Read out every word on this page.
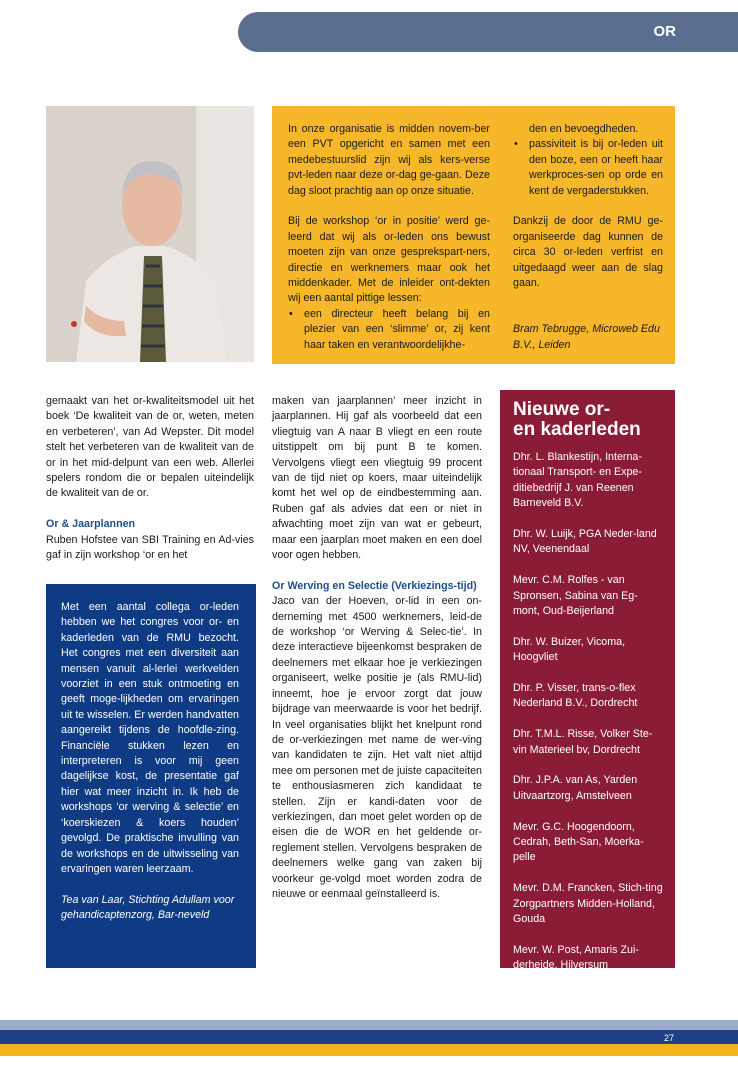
OR

In onze organisatie is midden novem-ber een PVT opgericht en samen met een medebestuurslid zijn wij als kers-verse pvt-leden naar deze or-dag ge-gaan. Deze dag sloot prachtig aan op onze situatie.

Bij de workshop ‘or in positie’ werd ge-leerd dat wij als or-leden ons bewust moeten zijn van onze gesprekspart-ners, directie en werknemers maar ook het middenkader. Met de inleider ont-dekten wij een aantal pittige lessen:

• een directeur heeft belang bij en plezier van een ‘slimme’ or, zij kent haar taken en verantwoordelijkhe-

den en bevoegdheden.

• passiviteit is bij or-leden uit den boze, een or heeft haar werkproces-sen op orde en kent de vergaderstukken.

Dankzij de door de RMU ge-organiseerde dag kunnen de circa 30 or-leden verfrist en uitgedaagd weer aan de slag gaan.

Bram Tebrugge, Microweb Edu B.V., Leiden

gemaakt van het or-kwaliteitsmodel uit het boek ‘De kwaliteit van de or, weten, meten en verbeteren’, van Ad Wepster. Dit model stelt het verbeteren van de kwaliteit van de or in het mid-delpunt van een web. Allerlei spelers rondom die or bepalen uiteindelijk de kwaliteit van de or.

Or & Jaarplannen

Ruben Hofstee van SBI Training en Ad-vies gaf in zijn workshop ‘or en het

maken van jaarplannen’ meer inzicht in jaarplannen. Hij gaf als voorbeeld dat een vliegtuig van A naar B vliegt en een route uitstippelt om bij punt B te komen. Vervolgens vliegt een vliegtuig 99 procent van de tijd niet op koers, maar uiteindelijk komt het wel op de eindbestemming aan. Ruben gaf als advies dat een or niet in afwachting moet zijn van wat er gebeurt, maar een jaarplan moet maken en een doel voor ogen hebben.

Or Werving en Selectie (Verkiezings-tijd)

Jaco van der Hoeven, or-lid in een on-derneming met 4500 werknemers, leid-de de workshop ‘or Werving & Selec-tie’. In deze interactieve bijeenkomst bespraken de deelnemers met elkaar hoe je verkiezingen organiseert, welke positie je (als RMU-lid) inneemt, hoe je ervoor zorgt dat jouw bijdrage van meerwaarde is voor het bedrijf. In veel organisaties blijkt het knelpunt rond de or-verkiezingen met name de wer-ving van kandidaten te zijn. Het valt niet altijd mee om personen met de juiste capaciteiten te enthousiasmeren zich kandidaat te stellen. Zijn er kandi-daten voor de verkiezingen, dan moet gelet worden op de eisen die de WOR en het geldende or-reglement stellen. Vervolgens bespraken de deelnemers welke gang van zaken bij voorkeur ge-volgd moet worden zodra de nieuwe or eenmaal geïnstalleerd is.

Met een aantal collega or-leden hebben we het congres voor or- en kaderleden van de RMU bezocht. Het congres met een diversiteit aan mensen vanuit al-lerlei werkvelden voorziet in een stuk ontmoeting en geeft moge-lijkheden om ervaringen uit te wisselen. Er werden handvatten aangereikt tijdens de hoofdle-zing. Financiële stukken lezen en interpreteren is voor mij geen dagelijkse kost, de presentatie gaf hier wat meer inzicht in. Ik heb de workshops ‘or werving & selectie’ en ‘koerskiezen & koers houden’ gevolgd. De praktische invulling van de workshops en de uitwisseling van ervaringen waren leerzaam.

Tea van Laar, Stichting Adullam voor gehandicaptenzorg, Bar-neveld

Nieuwe or-
en kaderleden

Dhr. L. Blankestijn, Interna-tionaal Transport- en Expe-ditiebedrijf J. van Reenen Barneveld B.V.

Dhr. W. Luijk, PGA Neder-land NV, Veenendaal

Mevr. C.M. Rolfes - van Spronsen, Sabina van Eg-mont, Oud-Beijerland

Dhr. W. Buizer, Vicoma, Hoogvliet

Dhr. P. Visser, trans-o-flex Nederland B.V., Dordrecht

Dhr. T.M.L. Risse, Volker Ste-vin Materieel bv, Dordrecht

Dhr. J.P.A. van As, Yarden Uitvaartzorg, Amstelveen

Mevr. G.C. Hoogendoorn, Cedrah, Beth-San, Moerka-pelle

Mevr. D.M. Francken, Stich-ting Zorgpartners Midden-Holland, Gouda

Mevr. W. Post, Amaris Zui-derheide, Hilversum

27
